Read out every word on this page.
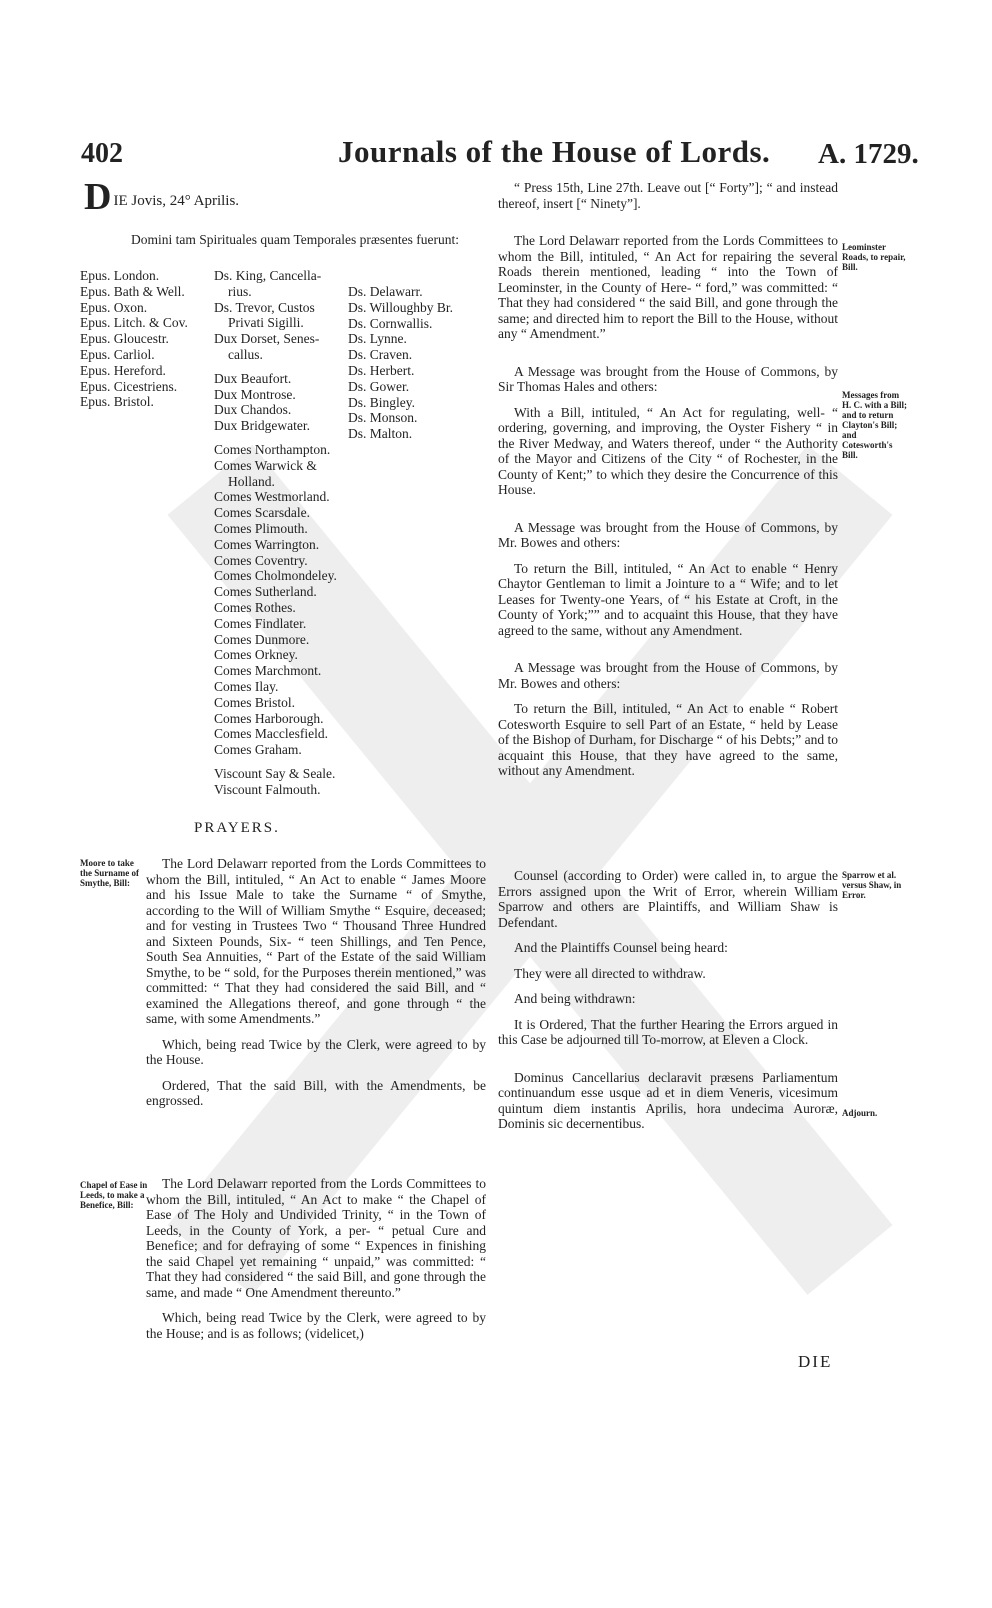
402	Journals of the House of Lords. A. 1729.
DIE Jovis, 24° Aprilis.
Domini tam Spirituales quam Temporales præsentes fuerunt:
Epus. London.
Epus. Bath & Well.
Epus. Oxon.
Epus. Litch. & Cov.
Epus. Gloucestr.
Epus. Carliol.
Epus. Hereford.
Epus. Cicestriens.
Epus. Bristol.
Ds. King, Cancella-
rius.
Ds. Trevor, Custos
Privati Sigilli.
Dux Dorset, Senes-
callus.
Dux Beaufort.
Dux Montrose.
Dux Chandos.
Dux Bridgewater.
Comes Northampton.
Comes Warwick &
Holland.
Comes Westmorland.
Comes Scarsdale.
Comes Plimouth.
Comes Warrington.
Comes Coventry.
Comes Cholmondeley.
Comes Sutherland.
Comes Rothes.
Comes Findlater.
Comes Dunmore.
Comes Orkney.
Comes Marchmont.
Comes Ilay.
Comes Bristol.
Comes Harborough.
Comes Macclesfield.
Comes Graham.
Viscount Say & Seale.
Viscount Falmouth.
Ds. Delawarr.
Ds. Willoughby Br.
Ds. Cornwallis.
Ds. Lynne.
Ds. Craven.
Ds. Herbert.
Ds. Gower.
Ds. Bingley.
Ds. Monson.
Ds. Malton.
PRAYERS.
Moore to take the Surname of Smythe, Bill:
Chapel of Ease in Leeds, to make a Benefice, Bill:

The Lord Delawarr reported from the Lords Committees to whom the Bill, intituled, “ An Act to enable “ James Moore and his Issue Male to take the Surname “ of Smythe, according to the Will of William Smythe “ Esquire, deceased; and for vesting in Trustees Two “ Thousand Three Hundred and Sixteen Pounds, Six- “ teen Shillings, and Ten Pence, South Sea Annuities, “ Part of the Estate of the said William Smythe, to be “ sold, for the Purposes therein mentioned,” was committed: “ That they had considered the said Bill, and “ examined the Allegations thereof, and gone through “ the same, with some Amendments.”

Which, being read Twice by the Clerk, were agreed to by the House.

Ordered, That the said Bill, with the Amendments, be engrossed.

The Lord Delawarr reported from the Lords Committees to whom the Bill, intituled, “ An Act to make “ the Chapel of Ease of The Holy and Undivided Trinity, “ in the Town of Leeds, in the County of York, a per- “ petual Cure and Benefice; and for defraying of some “ Expences in finishing the said Chapel yet remaining “ unpaid,” was committed: “ That they had considered “ the said Bill, and gone through the same, and made “ One Amendment thereunto.”

Which, being read Twice by the Clerk, were agreed to by the House; and is as follows; (videlicet,)

Leominster Roads, to repair, Bill.
Messages from H. C. with a Bill; and to return Clayton's Bill; and Cotesworth's Bill.
Sparrow et al. versus Shaw, in Error.
Adjourn.

“ Press 15th, Line 27th. Leave out [“ Forty”]; “ and instead thereof, insert [“ Ninety”].

The Lord Delawarr reported from the Lords Committees to whom the Bill, intituled, “ An Act for repairing the several Roads therein mentioned, leading “ into the Town of Leominster, in the County of Here- “ ford,” was committed: “ That they had considered “ the said Bill, and gone through the same; and directed him to report the Bill to the House, without any “ Amendment.”

A Message was brought from the House of Commons, by Sir Thomas Hales and others:

With a Bill, intituled, “ An Act for regulating, well- “ ordering, governing, and improving, the Oyster Fishery “ in the River Medway, and Waters thereof, under “ the Authority of the Mayor and Citizens of the City “ of Rochester, in the County of Kent;” to which they desire the Concurrence of this House.

A Message was brought from the House of Commons, by Mr. Bowes and others:

To return the Bill, intituled, “ An Act to enable “ Henry Chaytor Gentleman to limit a Jointure to a “ Wife; and to let Leases for Twenty-one Years, of “ his Estate at Croft, in the County of York;”” and to acquaint this House, that they have agreed to the same, without any Amendment.

A Message was brought from the House of Commons, by Mr. Bowes and others:

To return the Bill, intituled, “ An Act to enable “ Robert Cotesworth Esquire to sell Part of an Estate, “ held by Lease of the Bishop of Durham, for Discharge “ of his Debts;” and to acquaint this House, that they have agreed to the same, without any Amendment.

Counsel (according to Order) were called in, to argue the Errors assigned upon the Writ of Error, wherein William Sparrow and others are Plaintiffs, and William Shaw is Defendant.

And the Plaintiffs Counsel being heard:

They were all directed to withdraw.

And being withdrawn:

It is Ordered, That the further Hearing the Errors argued in this Case be adjourned till To-morrow, at Eleven a Clock.

Dominus Cancellarius declaravit præsens Parliamentum continuandum esse usque ad et in diem Veneris, vicesimum quintum diem instantis Aprilis, hora undecima Auroræ, Dominis sic decernentibus.

DIE
